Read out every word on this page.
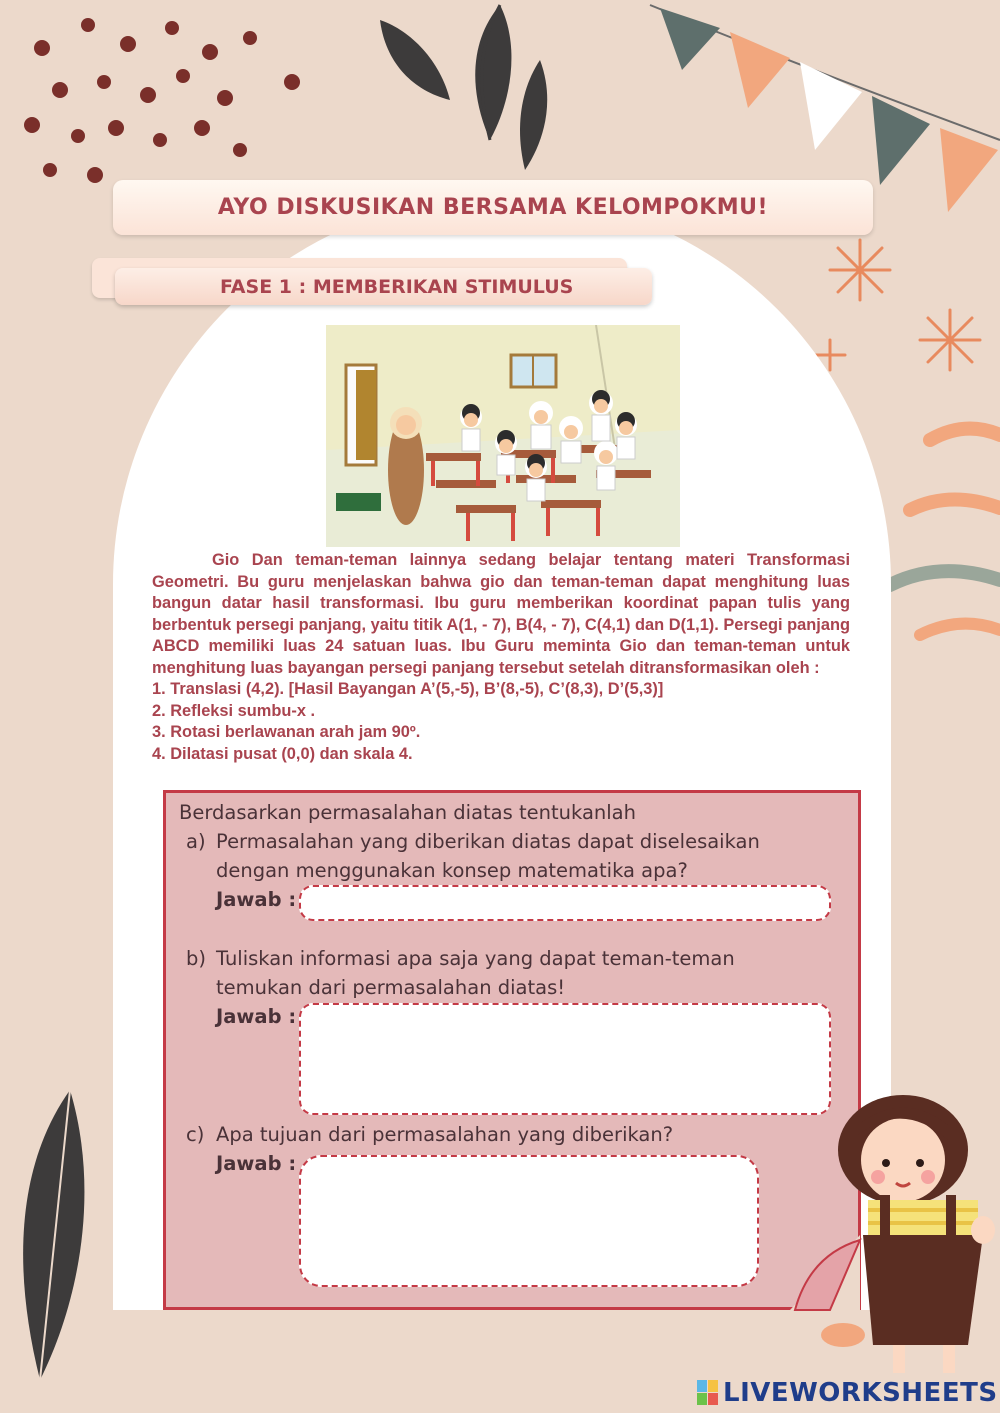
AYO DISKUSIKAN BERSAMA KELOMPOKMU!
FASE 1 : MEMBERIKAN STIMULUS

Gio Dan teman-teman lainnya sedang belajar tentang materi Transformasi Geometri. Bu guru menjelaskan bahwa gio dan teman-teman dapat menghitung luas bangun datar hasil transformasi. Ibu guru memberikan koordinat papan tulis yang berbentuk persegi panjang, yaitu titik A(1, - 7), B(4, - 7), C(4,1) dan D(1,1). Persegi panjang ABCD memiliki luas 24 satuan luas. Ibu Guru meminta Gio dan teman-teman untuk menghitung luas bayangan persegi panjang tersebut setelah ditransformasikan oleh :

1. Translasi (4,2). [Hasil Bayangan A’(5,-5), B’(8,-5), C’(8,3), D’(5,3)]

2. Refleksi sumbu-x .

3. Rotasi berlawanan arah jam 90º.

4. Dilatasi pusat (0,0) dan skala 4.

Berdasarkan permasalahan diatas tentukanlah
a) Permasalahan yang diberikan diatas dapat diselesaikan
dengan menggunakan konsep matematika apa?
Jawab :
b) Tuliskan informasi apa saja yang dapat teman-teman
temukan dari permasalahan diatas!
Jawab :
c) Apa tujuan dari permasalahan yang diberikan?
Jawab :
LIVEWORKSHEETS
